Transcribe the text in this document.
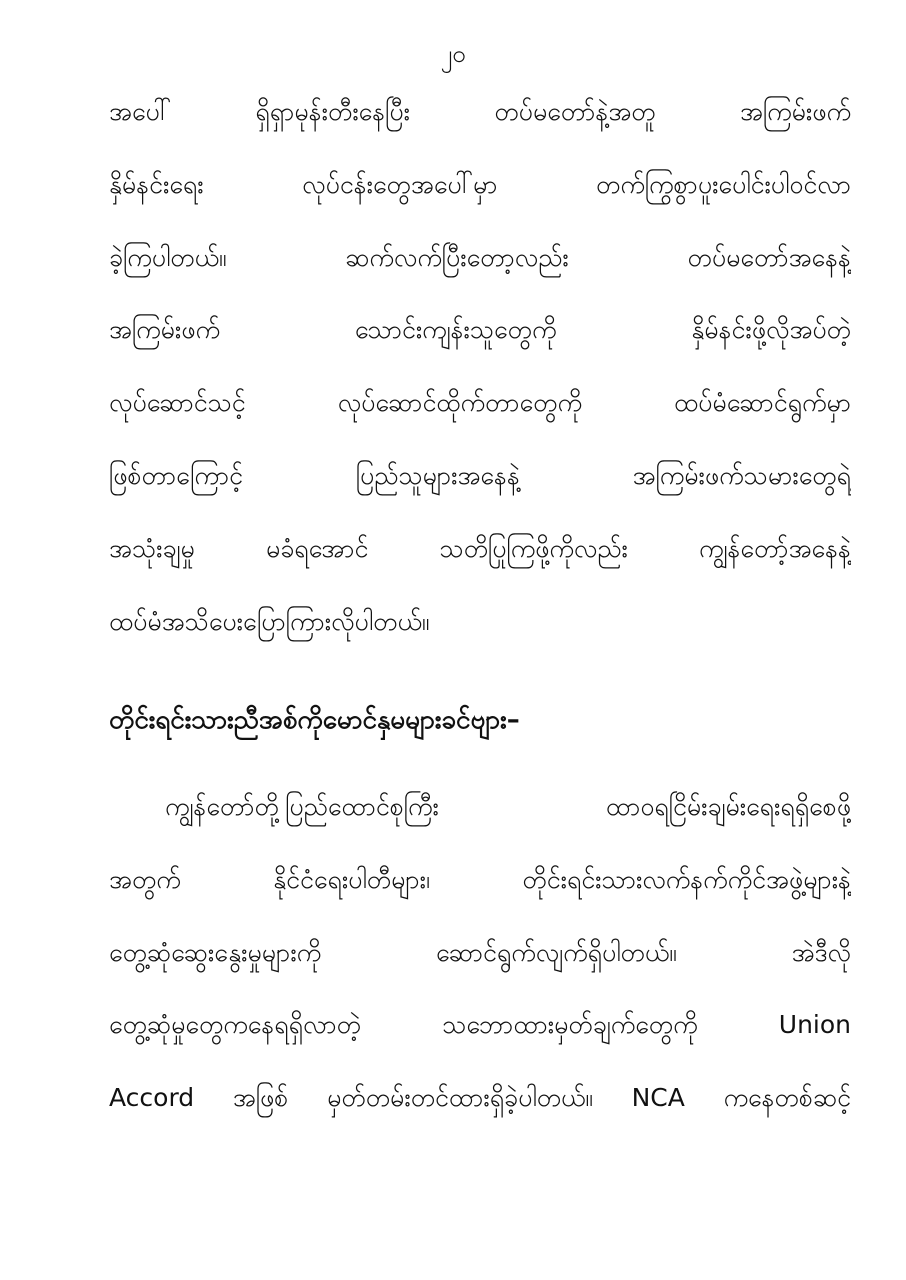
၂၀
အပေါ် ရှိရှာမုန်းတီးနေပြီး တပ်မတော်နဲ့အတူ အကြမ်းဖက်
နှိမ်နင်းရေး လုပ်ငန်းတွေအပေါ်မှာ တက်ကြွစွာပူးပေါင်းပါဝင်လာ
ခဲ့ကြပါတယ်။ ဆက်လက်ပြီးတော့လည်း တပ်မတော်အနေနဲ့
အကြမ်းဖက် သောင်းကျန်းသူတွေကို နှိမ်နင်းဖို့လိုအပ်တဲ့
လုပ်ဆောင်သင့် လုပ်ဆောင်ထိုက်တာတွေကို ထပ်မံဆောင်ရွက်မှာ
ဖြစ်တာကြောင့် ပြည်သူများအနေနဲ့ အကြမ်းဖက်သမားတွေရဲ့
အသုံးချမှု မခံရအောင် သတိပြုကြဖို့ကိုလည်း ကျွန်တော့်အနေနဲ့
ထပ်မံအသိပေးပြောကြားလိုပါတယ်။
တိုင်းရင်းသားညီအစ်ကိုမောင်နှမများခင်ဗျား–
ကျွန်တော်တို့ပြည်ထောင်စုကြီး ထာဝရငြိမ်းချမ်းရေးရရှိစေဖို့
အတွက် နိုင်ငံရေးပါတီများ၊ တိုင်းရင်းသားလက်နက်ကိုင်အဖွဲ့များနဲ့
တွေ့ဆုံဆွေးနွေးမှုများကို ဆောင်ရွက်လျက်ရှိပါတယ်။ အဲဒီလို
တွေ့ဆုံမှုတွေကနေရရှိလာတဲ့ သဘောထားမှတ်ချက်တွေကို Union
Accord အဖြစ် မှတ်တမ်းတင်ထားရှိခဲ့ပါတယ်။ NCA ကနေတစ်ဆင့်
